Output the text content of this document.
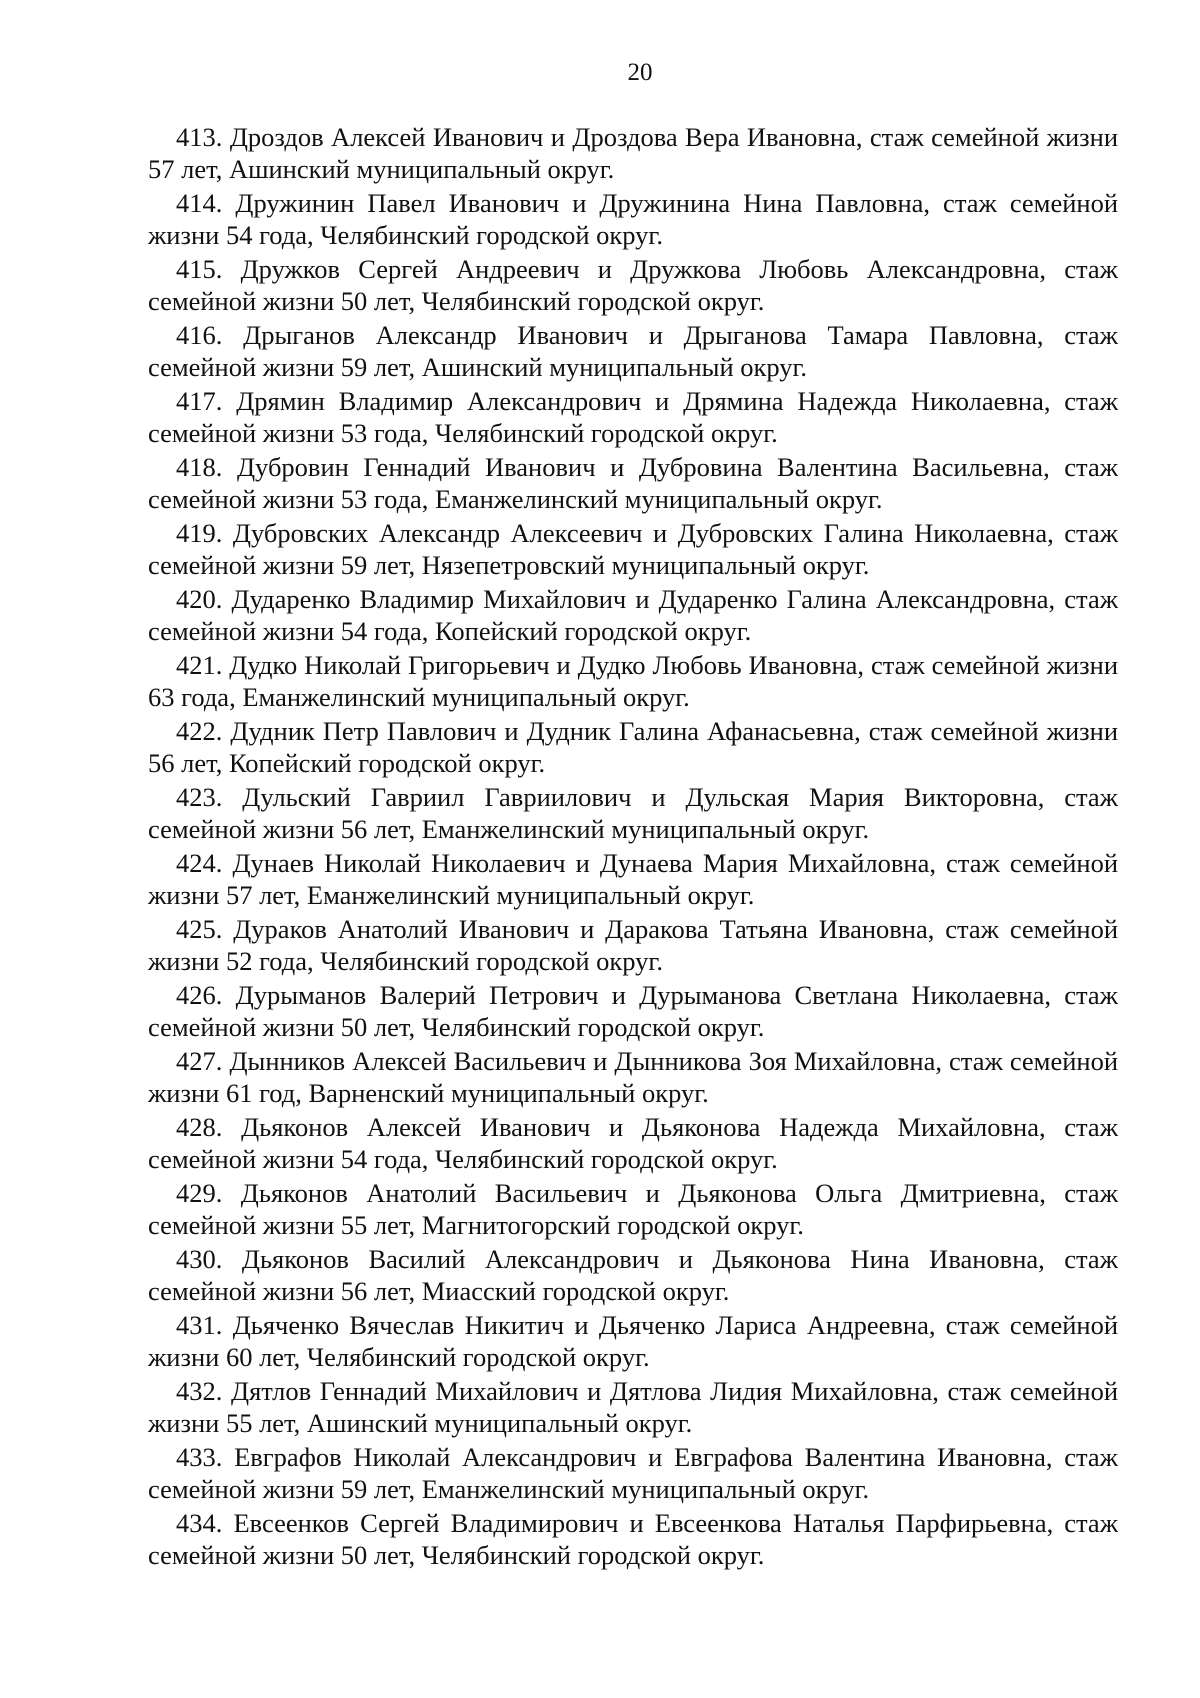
20
413. Дроздов Алексей Иванович и Дроздова Вера Ивановна, стаж семейной жизни 57 лет, Ашинский муниципальный округ.
414. Дружинин Павел Иванович и Дружинина Нина Павловна, стаж семейной жизни 54 года, Челябинский городской округ.
415. Дружков Сергей Андреевич и Дружкова Любовь Александровна, стаж семейной жизни 50 лет, Челябинский городской округ.
416. Дрыганов Александр Иванович и Дрыганова Тамара Павловна, стаж семейной жизни 59 лет, Ашинский муниципальный округ.
417. Дрямин Владимир Александрович и Дрямина Надежда Николаевна, стаж семейной жизни 53 года, Челябинский городской округ.
418. Дубровин Геннадий Иванович и Дубровина Валентина Васильевна, стаж семейной жизни 53 года, Еманжелинский муниципальный округ.
419. Дубровских Александр Алексеевич и Дубровских Галина Николаевна, стаж семейной жизни 59 лет, Нязепетровский муниципальный округ.
420. Дударенко Владимир Михайлович и Дударенко Галина Александровна, стаж семейной жизни 54 года, Копейский городской округ.
421. Дудко Николай Григорьевич и Дудко Любовь Ивановна, стаж семейной жизни 63 года, Еманжелинский муниципальный округ.
422. Дудник Петр Павлович и Дудник Галина Афанасьевна, стаж семейной жизни 56 лет, Копейский городской округ.
423. Дульский Гавриил Гавриилович и Дульская Мария Викторовна, стаж семейной жизни 56 лет, Еманжелинский муниципальный округ.
424. Дунаев Николай Николаевич и Дунаева Мария Михайловна, стаж семейной жизни 57 лет, Еманжелинский муниципальный округ.
425. Дураков Анатолий Иванович и Даракова Татьяна Ивановна, стаж семейной жизни 52 года, Челябинский городской округ.
426. Дурыманов Валерий Петрович и Дурыманова Светлана Николаевна, стаж семейной жизни 50 лет, Челябинский городской округ.
427. Дынников Алексей Васильевич и Дынникова Зоя Михайловна, стаж семейной жизни 61 год, Варненский муниципальный округ.
428. Дьяконов Алексей Иванович и Дьяконова Надежда Михайловна, стаж семейной жизни 54 года, Челябинский городской округ.
429. Дьяконов Анатолий Васильевич и Дьяконова Ольга Дмитриевна, стаж семейной жизни 55 лет, Магнитогорский городской округ.
430. Дьяконов Василий Александрович и Дьяконова Нина Ивановна, стаж семейной жизни 56 лет, Миасский городской округ.
431. Дьяченко Вячеслав Никитич и Дьяченко Лариса Андреевна, стаж семейной жизни 60 лет, Челябинский городской округ.
432. Дятлов Геннадий Михайлович и Дятлова Лидия Михайловна, стаж семейной жизни 55 лет, Ашинский муниципальный округ.
433. Евграфов Николай Александрович и Евграфова Валентина Ивановна, стаж семейной жизни 59 лет, Еманжелинский муниципальный округ.
434. Евсеенков Сергей Владимирович и Евсеенкова Наталья Парфирьевна, стаж семейной жизни 50 лет, Челябинский городской округ.
